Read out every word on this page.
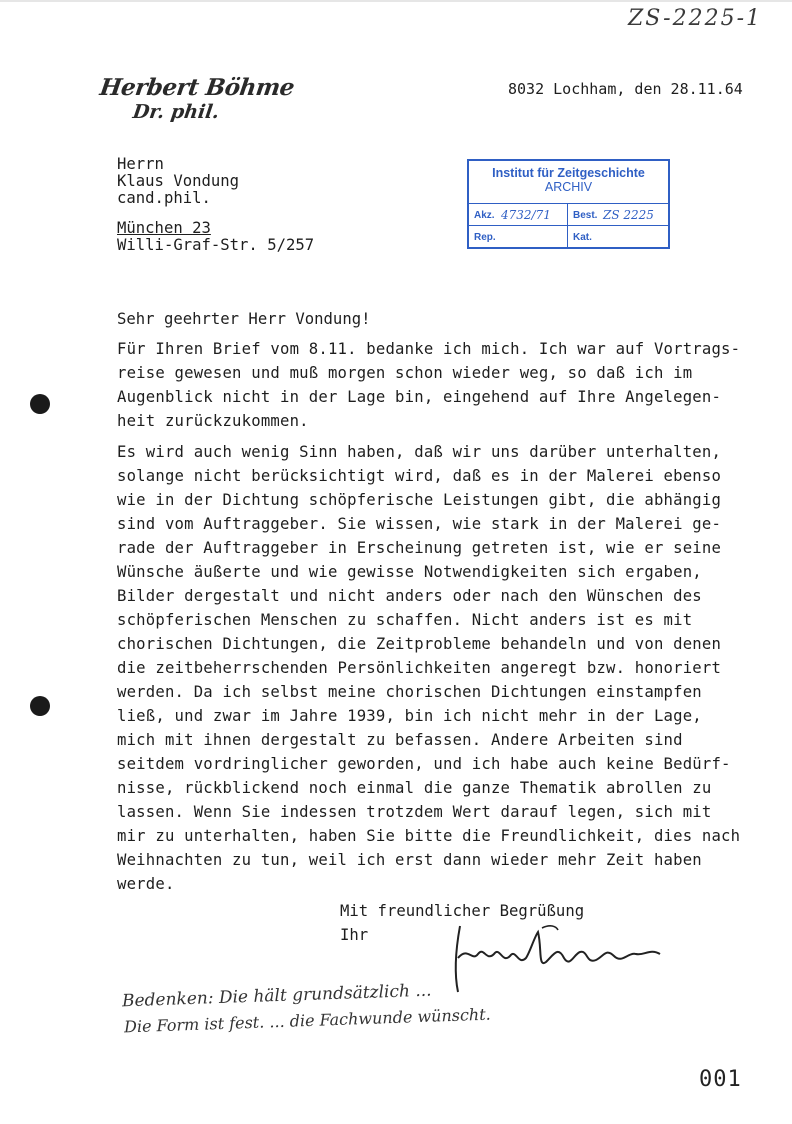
ZS-2225-1
Herbert Böhme
Dr. phil.
8032 Lochham, den 28.11.64
Herrn
Klaus Vondung
cand.phil.
München 23
Willi-Graf-Str. 5/257
Institut für Zeitgeschichte
ARCHIV
Akz. 4732/71 Best. ZS 2225
Rep.	Kat.
Sehr geehrter Herr Vondung!
Für Ihren Brief vom 8.11. bedanke ich mich. Ich war auf Vortrags-
reise gewesen und muß morgen schon wieder weg, so daß ich im
Augenblick nicht in der Lage bin, eingehend auf Ihre Angelegen-
heit zurückzukommen.
Es wird auch wenig Sinn haben, daß wir uns darüber unterhalten,
solange nicht berücksichtigt wird, daß es in der Malerei ebenso
wie in der Dichtung schöpferische Leistungen gibt, die abhängig
sind vom Auftraggeber. Sie wissen, wie stark in der Malerei ge-
rade der Auftraggeber in Erscheinung getreten ist, wie er seine
Wünsche äußerte und wie gewisse Notwendigkeiten sich ergaben,
Bilder dergestalt und nicht anders oder nach den Wünschen des
schöpferischen Menschen zu schaffen. Nicht anders ist es mit
chorischen Dichtungen, die Zeitprobleme behandeln und von denen
die zeitbeherrschenden Persönlichkeiten angeregt bzw. honoriert
werden. Da ich selbst meine chorischen Dichtungen einstampfen
ließ, und zwar im Jahre 1939, bin ich nicht mehr in der Lage,
mich mit ihnen dergestalt zu befassen. Andere Arbeiten sind
seitdem vordringlicher geworden, und ich habe auch keine Bedürf-
nisse, rückblickend noch einmal die ganze Thematik abrollen zu
lassen. Wenn Sie indessen trotzdem Wert darauf legen, sich mit
mir zu unterhalten, haben Sie bitte die Freundlichkeit, dies nach
Weihnachten zu tun, weil ich erst dann wieder mehr Zeit haben
werde.
Mit freundlicher Begrüßung
Ihr
Bedenken: Die hält grundsätzlich ...
Die Form ist fest. ... die Fachwunde wünscht.
001
